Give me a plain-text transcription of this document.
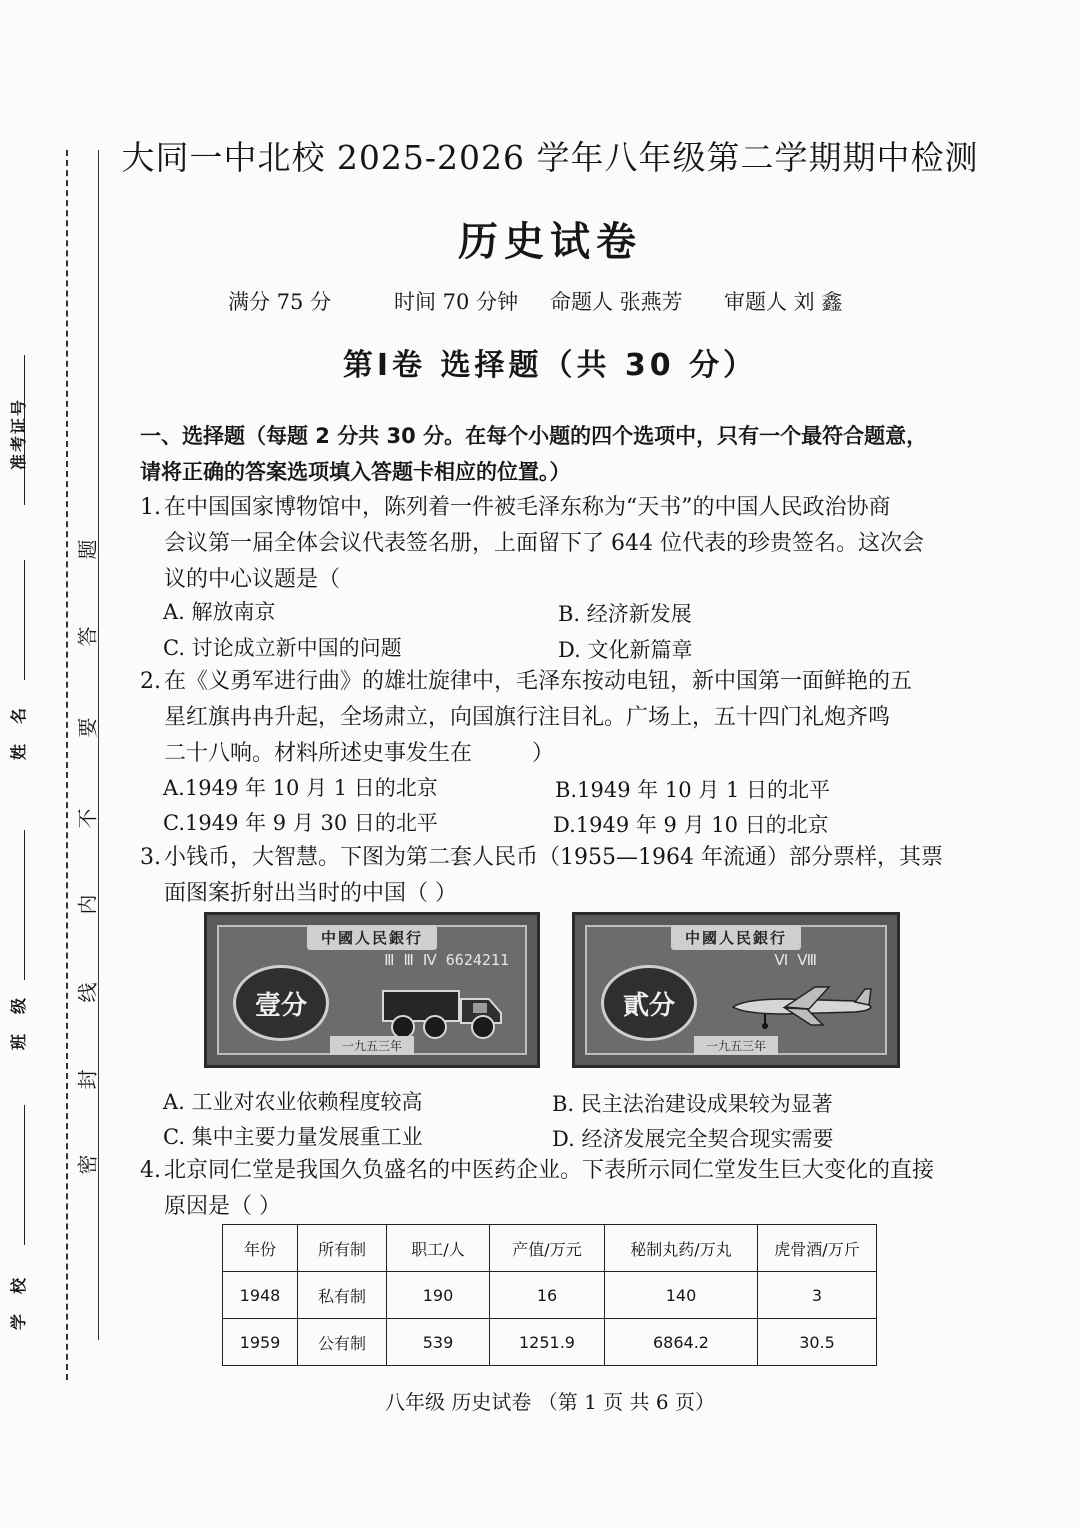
准考证号
姓名
班级
学校
题
答
要
不
内
线
封
密
大同一中北校 2025-2026 学年八年级第二学期期中检测
历史试卷
满分 75 分	时间 70 分钟 命题人 张燕芳 审题人 刘 鑫
第Ⅰ卷 选择题（共 30 分）
一、选择题（每题 2 分共 30 分。在每个小题的四个选项中，只有一个最符合题意，
请将正确的答案选项填入答题卡相应的位置。）
1. 在中国国家博物馆中，陈列着一件被毛泽东称为“天书”的中国人民政治协商
会议第一届全体会议代表签名册，上面留下了 644 位代表的珍贵签名。这次会
议的中心议题是（
A. 解放南京	B. 经济新发展
C. 讨论成立新中国的问题	D. 文化新篇章
2. 在《义勇军进行曲》的雄壮旋律中，毛泽东按动电钮，新中国第一面鲜艳的五
星红旗冉冉升起，全场肃立，向国旗行注目礼。广场上，五十四门礼炮齐鸣
二十八响。材料所述史事发生在	）
A.1949 年 10 月 1 日的北京	B.1949 年 10 月 1 日的北平
C.1949 年 9 月 30 日的北平	D.1949 年 9 月 10 日的北京
3. 小钱币，大智慧。下图为第二套人民币（1955—1964 年流通）部分票样，其票
面图案折射出当时的中国（ ）
中國人民銀行
Ⅲ Ⅲ Ⅳ 6624211
壹分
一九五三年
中國人民銀行
Ⅵ Ⅷ
貳分
一九五三年
A. 工业对农业依赖程度较高	B. 民主法治建设成果较为显著
C. 集中主要力量发展重工业	D. 经济发展完全契合现实需要
4. 北京同仁堂是我国久负盛名的中医药企业。下表所示同仁堂发生巨大变化的直接
原因是（ ）
年份	所有制	职工/人	产值/万元	秘制丸药/万丸	虎骨酒/万斤
1948	私有制	190	16	140	3
1959	公有制	539	1251.9	6864.2	30.5
八年级 历史试卷 （第 1 页 共 6 页）
